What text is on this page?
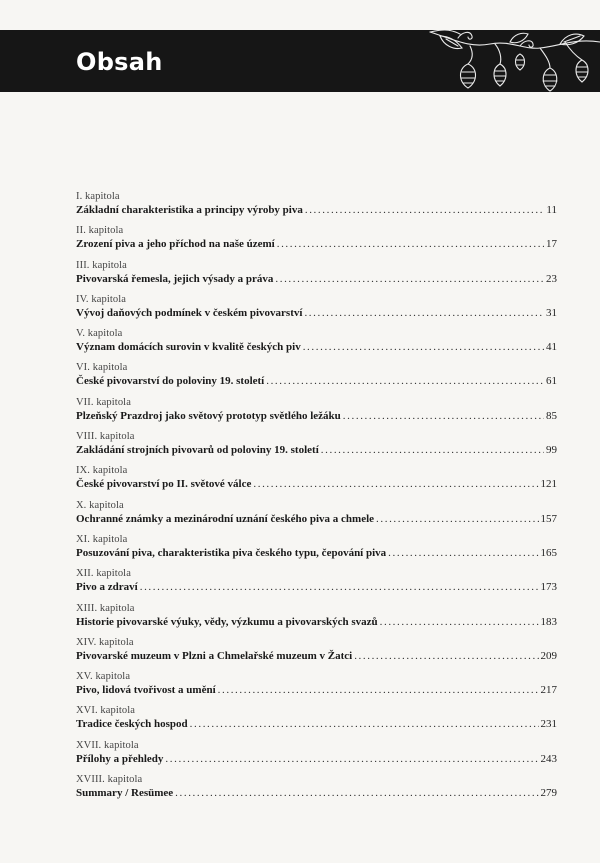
Obsah
I. kapitola
Základní charakteristika a principy výroby piva .....	11
II. kapitola
Zrození piva a jeho příchod na naše území .....	17
III. kapitola
Pivovarská řemesla, jejich výsady a práva .....	23
IV. kapitola
Vývoj daňových podmínek v českém pivovarství .....	31
V. kapitola
Význam domácích surovin v kvalitě českých piv .....	41
VI. kapitola
České pivovarství do poloviny 19. století .....	61
VII. kapitola
Plzeňský Prazdroj jako světový prototyp světlého ležáku .....	85
VIII. kapitola
Zakládání strojních pivovarů od poloviny 19. století .....	99
IX. kapitola
České pivovarství po II. světové válce .....	121
X. kapitola
Ochranné známky a mezinárodní uznání českého piva a chmele .....	157
XI. kapitola
Posuzování piva, charakteristika piva českého typu, čepování piva .....	165
XII. kapitola
Pivo a zdraví .....	173
XIII. kapitola
Historie pivovarské výuky, vědy, výzkumu a pivovarských svazů .....	183
XIV. kapitola
Pivovarské muzeum v Plzni a Chmelařské muzeum v Žatci .....	209
XV. kapitola
Pivo, lidová tvořivost a umění .....	217
XVI. kapitola
Tradice českých hospod .....	231
XVII. kapitola
Přílohy a přehledy .....	243
XVIII. kapitola
Summary / Resümee .....	279
